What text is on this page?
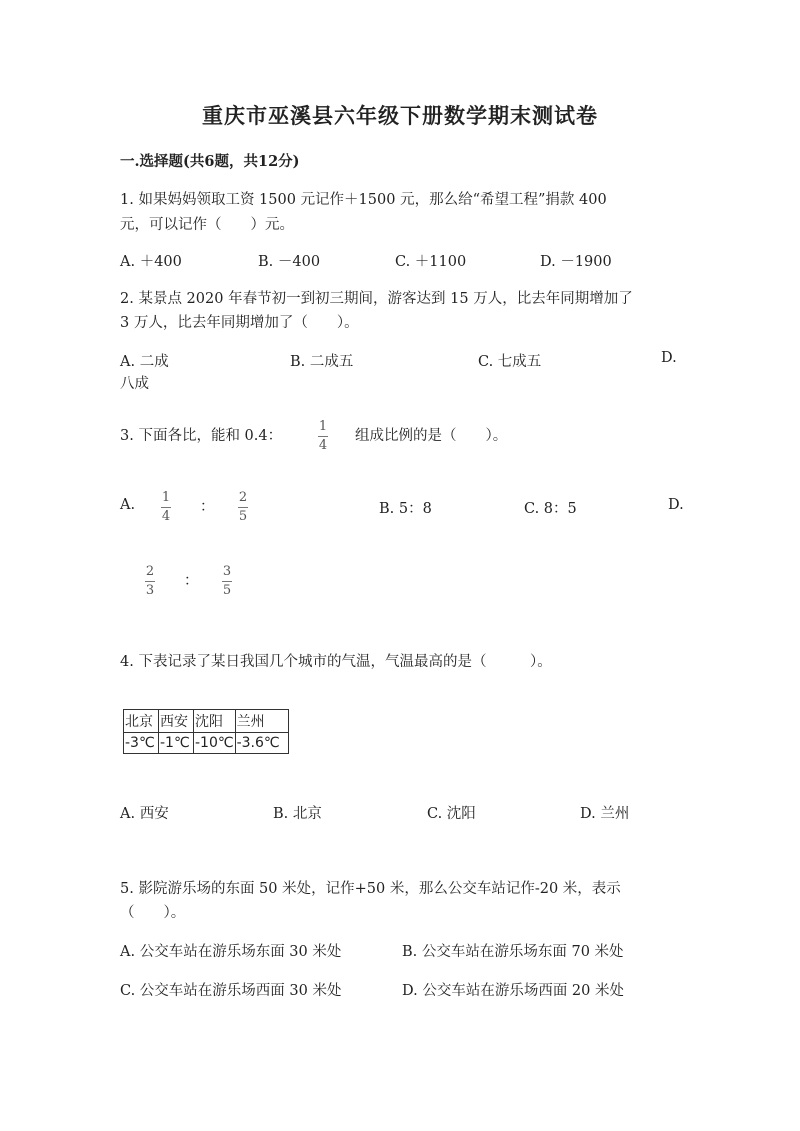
重庆市巫溪县六年级下册数学期末测试卷
一.选择题(共6题，共12分)
1. 如果妈妈领取工资 1500 元记作＋1500 元，那么给“希望工程”捐款 400
元，可以记作（　　）元。
A. ＋400	B. －400	C. ＋1100	D. －1900
2. 某景点 2020 年春节初一到初三期间，游客达到 15 万人，比去年同期增加了
3 万人，比去年同期增加了（　　）。
A. 二成	B. 二成五	C. 七成五	D.
八成
3. 下面各比，能和 0.4：
1
4
组成比例的是（　　）。
A. 1
4
：
2
5	B. 5：8	C. 8：5	D.
2
3
：
3
5
4. 下表记录了某日我国几个城市的气温，气温最高的是（　　　）。
北京	西安	沈阳	兰州
-3℃	-1℃	-10℃	-3.6℃
A. 西安	B. 北京	C. 沈阳	D. 兰州
5. 影院游乐场的东面 50 米处，记作+50 米，那么公交车站记作-20 米，表示
（　　）。
A. 公交车站在游乐场东面 30 米处	B. 公交车站在游乐场东面 70 米处
C. 公交车站在游乐场西面 30 米处	D. 公交车站在游乐场西面 20 米处
